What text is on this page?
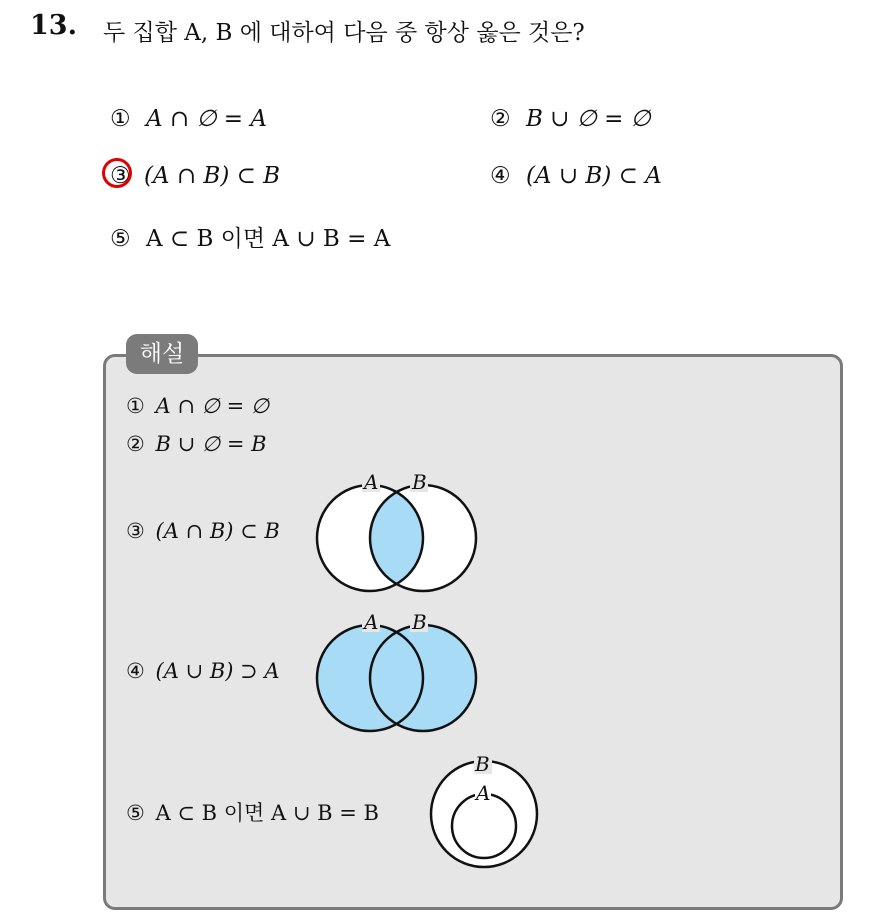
13. 두 집합 A, B 에 대하여 다음 중 항상 옳은 것은?
① A ∩ ∅ = A	② B ∪ ∅ = ∅
③ (A ∩ B) ⊂ B	④ (A ∪ B) ⊂ A
⑤ A ⊂ B 이면 A ∪ B = A
해설
① A ∩ ∅ = ∅
② B ∪ ∅ = B
③ (A ∩ B) ⊂ B
④ (A ∪ B) ⊃ A
⑤ A ⊂ B 이면 A ∪ B = B
A B
A B
B
A
